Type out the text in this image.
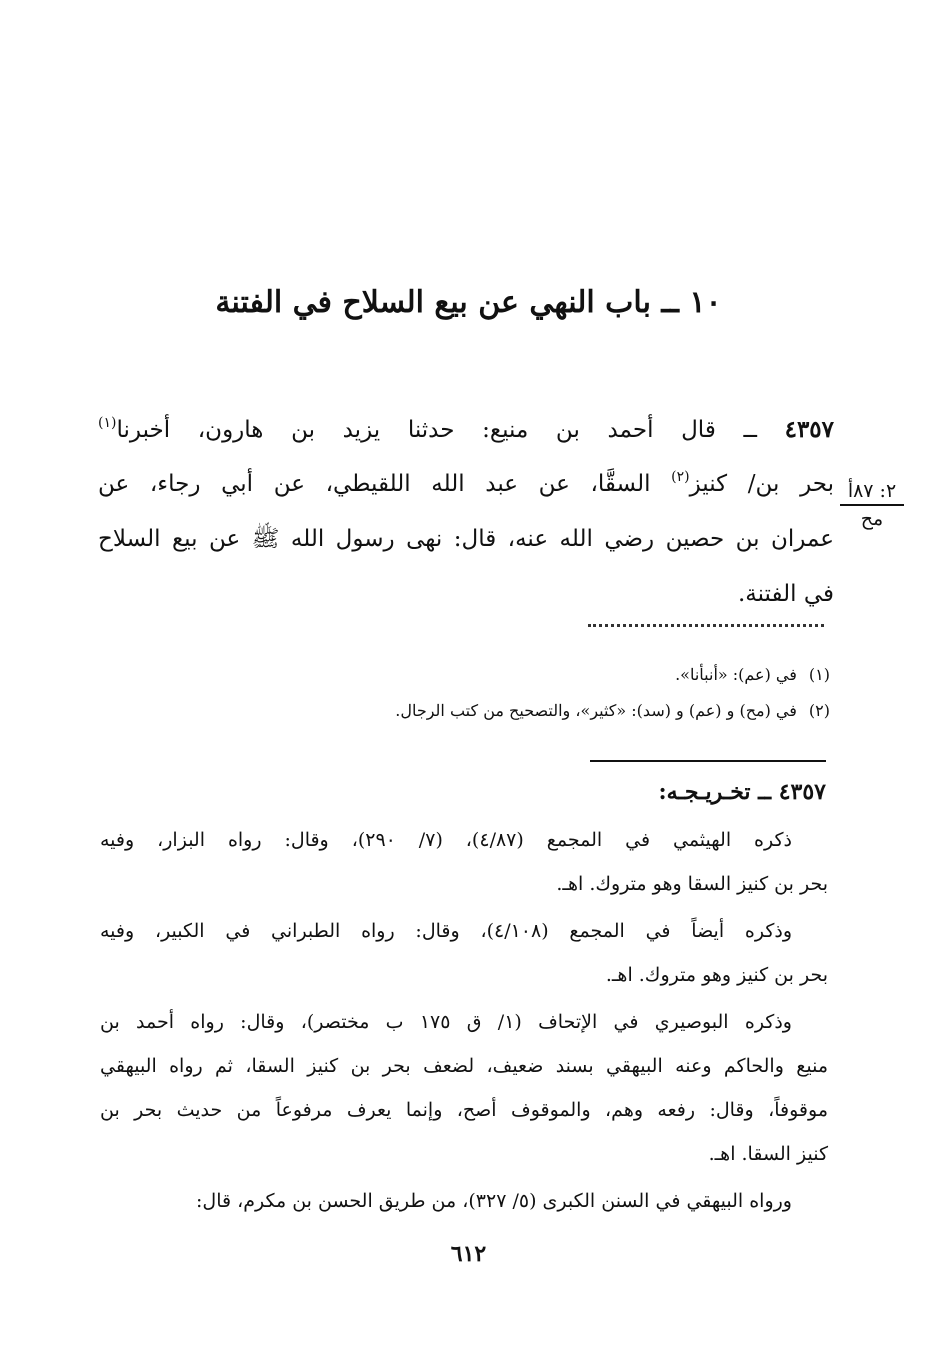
١٠ ــ باب النهي عن بيع السلاح في الفتنة
٢: ٨٧أ
مح
٤٣٥٧ ــ قال أحمد بن منيع: حدثنا يزيد بن هارون، أخبرنا$^{(١)}$
بحر بن/ كنيز$^{(٢)}$ السقَّا، عن عبد الله اللقيطي، عن أبي رجاء، عن
عمران بن حصين رضي الله عنه، قال: نهى رسول الله ﷺ عن بيع السلاح
في الفتنة.
(١)في (عم): «أنبأنا».
(٢)في (مح) و (عم) و (سد): «كثير»، والتصحيح من كتب الرجال.
٤٣٥٧ ــ تخـريـجـه:
ذكره الهيثمي في المجمع (٤/٨٧)، (٧/ ٢٩٠)، وقال: رواه البزار، وفيه
بحر بن كنيز السقا وهو متروك. اهـ.
وذكره أيضاً في المجمع (٤/١٠٨)، وقال: رواه الطبراني في الكبير، وفيه
بحر بن كنيز وهو متروك. اهـ.
وذكره البوصيري في الإتحاف (١/ ق ١٧٥ ب مختصر)، وقال: رواه أحمد بن
منيع والحاكم وعنه البيهقي بسند ضعيف، لضعف بحر بن كنيز السقا، ثم رواه البيهقي
موقوفاً، وقال: رفعه وهم، والموقوف أصح، وإنما يعرف مرفوعاً من حديث بحر بن
كنيز السقا. اهـ.
ورواه البيهقي في السنن الكبرى (٥/ ٣٢٧)، من طريق الحسن بن مكرم، قال:
٦١٢
